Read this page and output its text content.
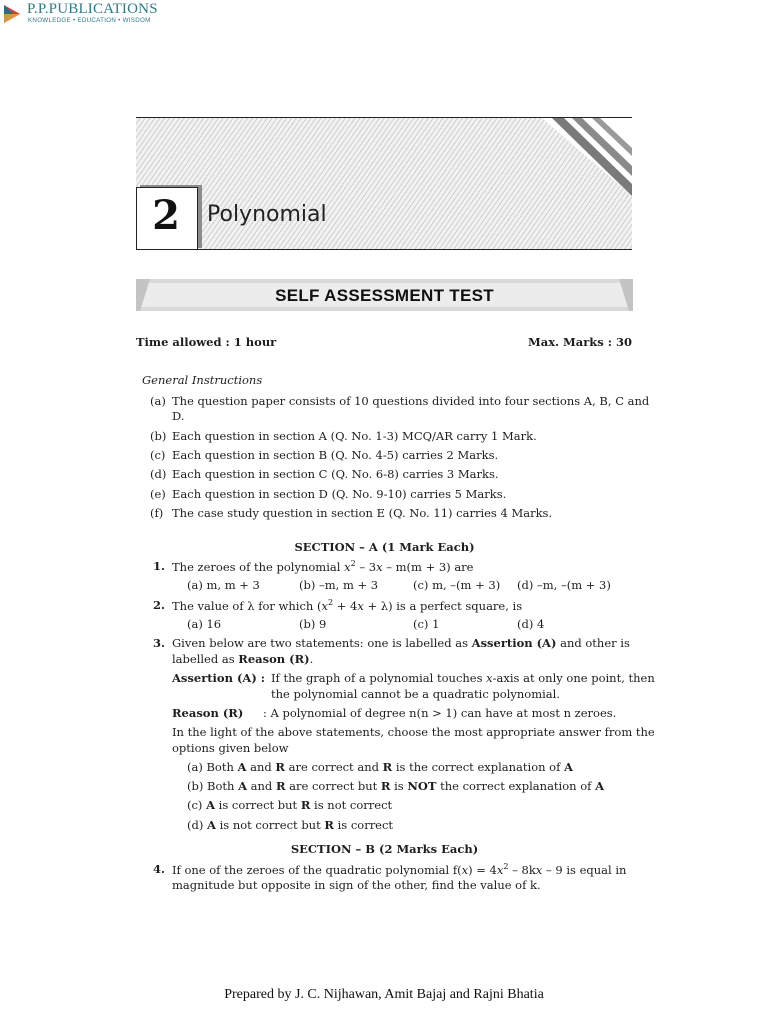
P.P.PUBLICATIONS
KNOWLEDGE • EDUCATION • WISDOM
2	Polynomial
SELF ASSESSMENT TEST
Time allowed : 1 hour	Max. Marks : 30
General Instructions
(a) The question paper consists of 10 questions divided into four sections A, B, C and
D.
(b) Each question in section A (Q. No. 1-3) MCQ/AR carry 1 Mark.
(c) Each question in section B (Q. No. 4-5) carries 2 Marks.
(d) Each question in section C (Q. No. 6-8) carries 3 Marks.
(e) Each question in section D (Q. No. 9-10) carries 5 Marks.
(f) The case study question in section E (Q. No. 11) carries 4 Marks.
SECTION – A (1 Mark Each)
1. The zeroes of the polynomial $x^2 - 3x - m(m + 3)$ are
(a) m, m + 3	(b) –m, m + 3	(c) m, –(m + 3) (d) –m, –(m + 3)
2. The value of λ for which $(x^2 + 4x + \lambda)$ is a perfect square, is
(a) 16	(b) 9	(c) 1	(d) 4
3. Given below are two statements: one is labelled as Assertion (A) and other is
labelled as Reason (R).
Assertion (A) : If the graph of a polynomial touches x-axis at only one point, then
the polynomial cannot be a quadratic polynomial.
Reason (R) : A polynomial of degree n(n > 1) can have at most n zeroes.
In the light of the above statements, choose the most appropriate answer from the
options given below
(a) Both A and R are correct and R is the correct explanation of A
(b) Both A and R are correct but R is NOT the correct explanation of A
(c) A is correct but R is not correct
(d) A is not correct but R is correct
SECTION – B (2 Marks Each)
4. If one of the zeroes of the quadratic polynomial $f(x) = 4x^2 - 8kx - 9$ is equal in
magnitude but opposite in sign of the other, find the value of k.
Prepared by J. C. Nijhawan, Amit Bajaj and Rajni Bhatia
